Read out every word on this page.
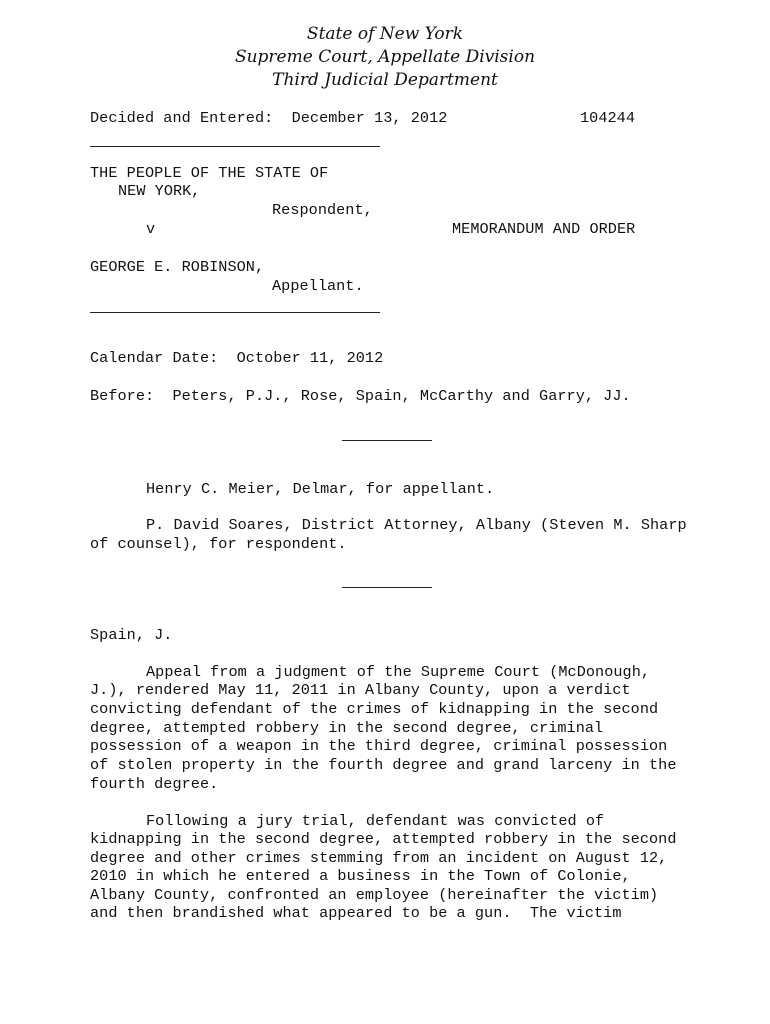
State of New York
Supreme Court, Appellate Division
Third Judicial Department
Decided and Entered:  December 13, 2012	104244
THE PEOPLE OF THE STATE OF
NEW YORK,
Respondent,
v	MEMORANDUM AND ORDER
GEORGE E. ROBINSON,
Appellant.
Calendar Date:  October 11, 2012
Before:  Peters, P.J., Rose, Spain, McCarthy and Garry, JJ.
Henry C. Meier, Delmar, for appellant.
P. David Soares, District Attorney, Albany (Steven M. Sharp
of counsel), for respondent.
Spain, J.
Appeal from a judgment of the Supreme Court (McDonough,
J.), rendered May 11, 2011 in Albany County, upon a verdict
convicting defendant of the crimes of kidnapping in the second
degree, attempted robbery in the second degree, criminal
possession of a weapon in the third degree, criminal possession
of stolen property in the fourth degree and grand larceny in the
fourth degree.
Following a jury trial, defendant was convicted of
kidnapping in the second degree, attempted robbery in the second
degree and other crimes stemming from an incident on August 12,
2010 in which he entered a business in the Town of Colonie,
Albany County, confronted an employee (hereinafter the victim)
and then brandished what appeared to be a gun.  The victim
